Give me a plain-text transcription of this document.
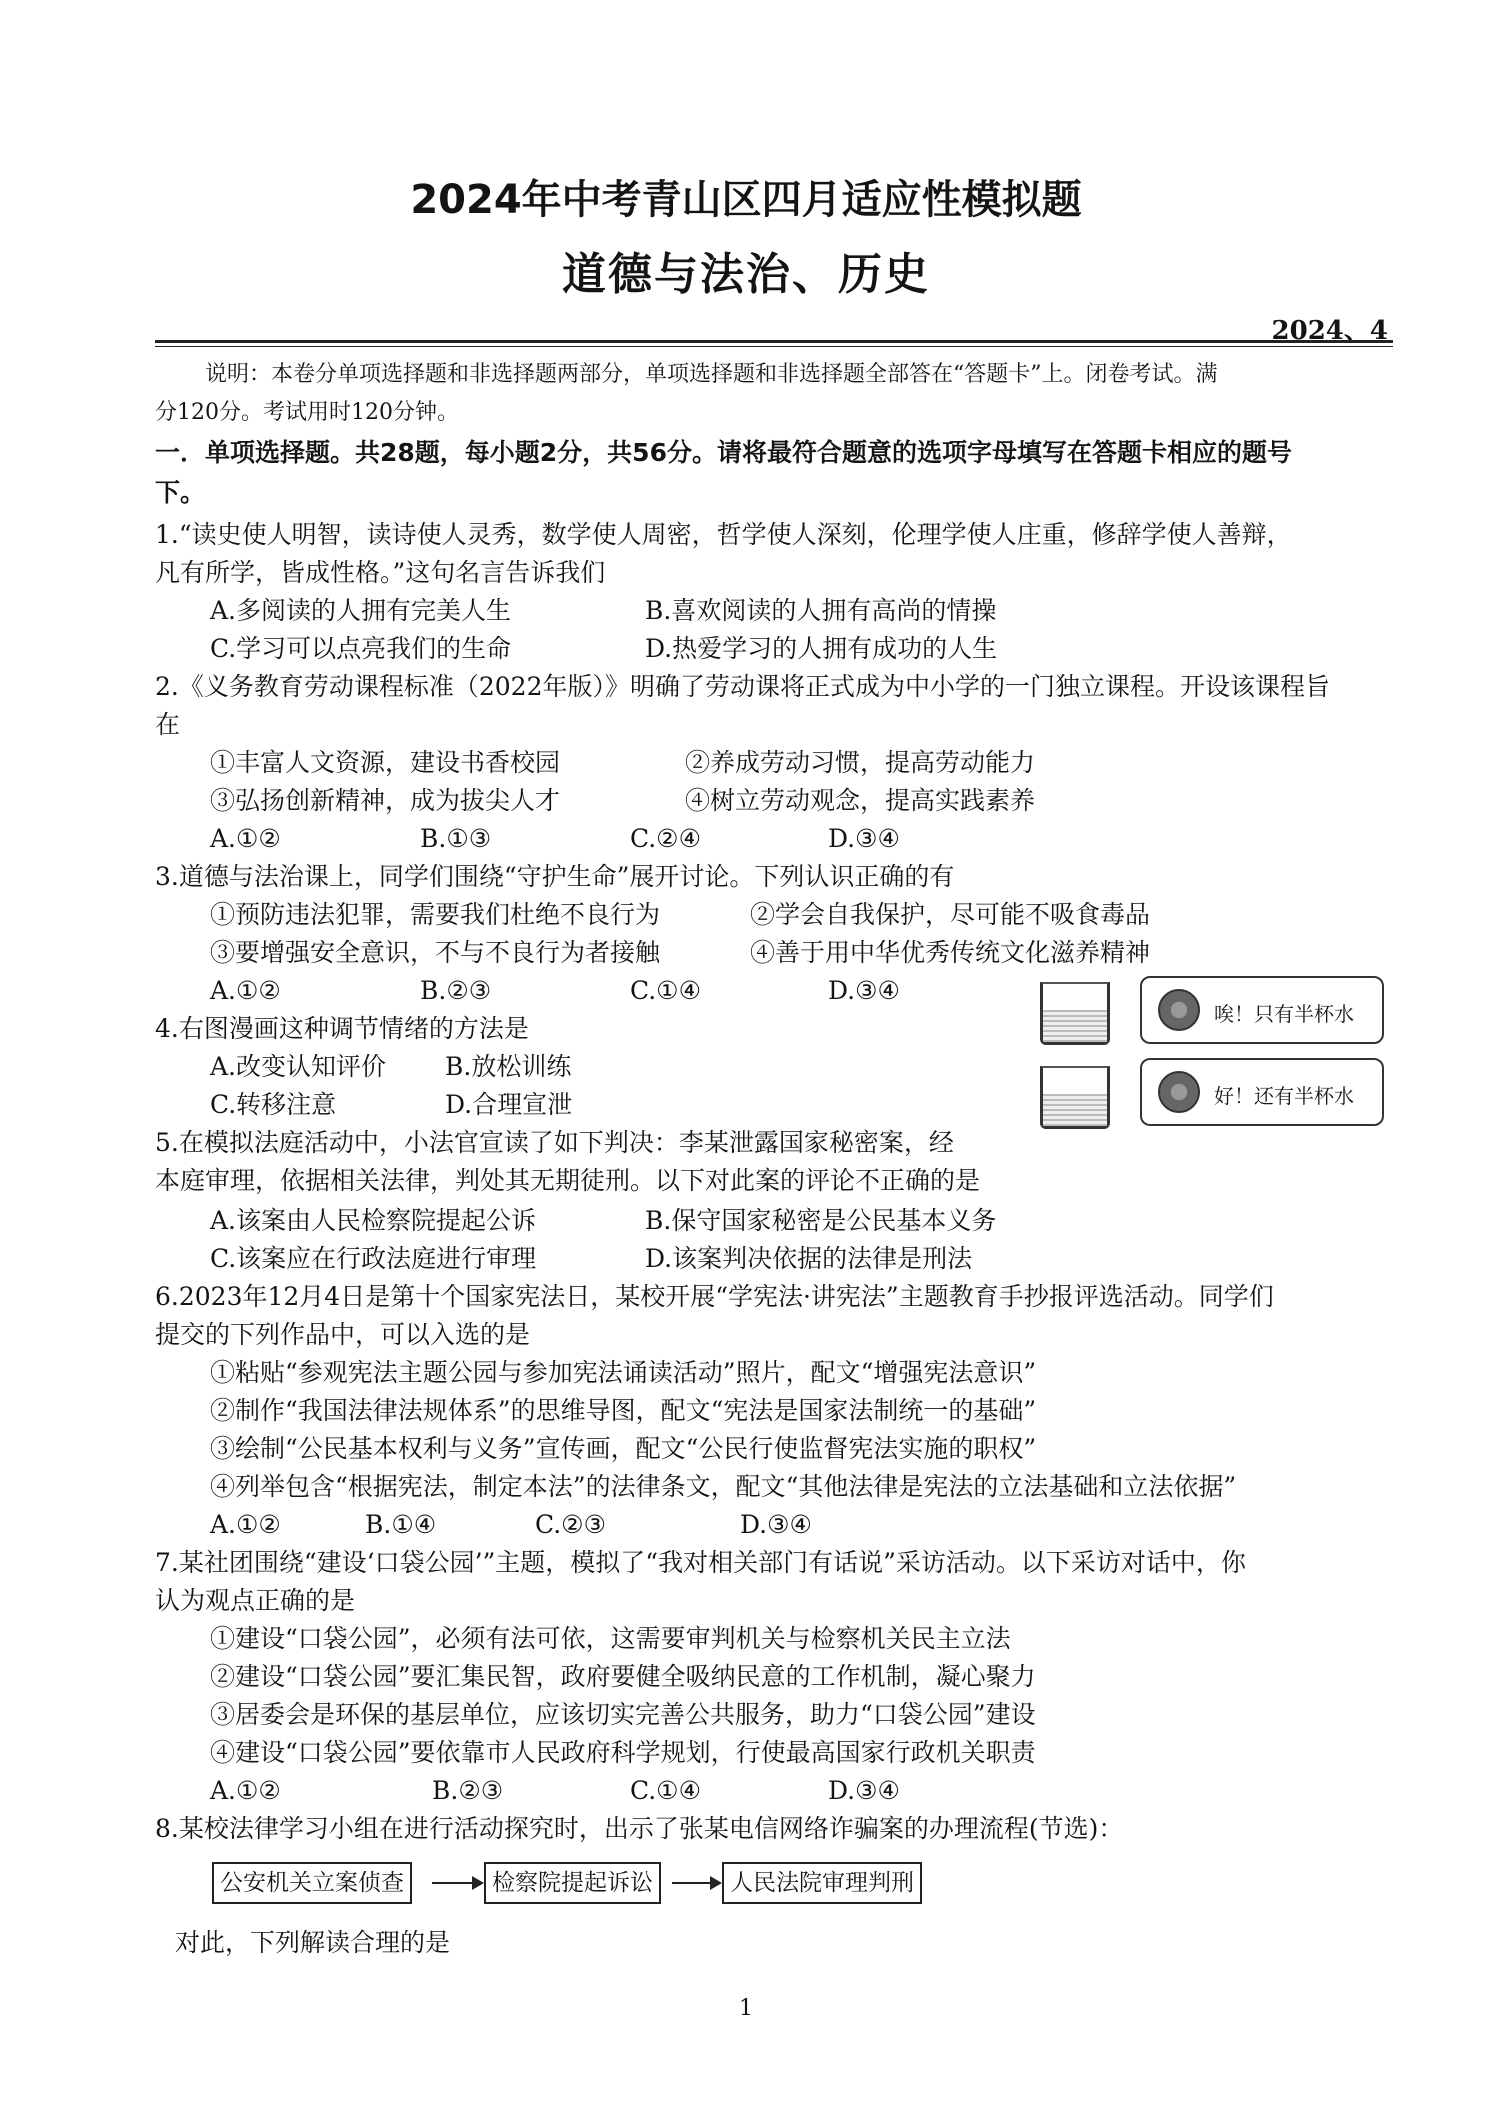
2024年中考青山区四月适应性模拟题
道德与法治、历史
2024、4
说明：本卷分单项选择题和非选择题两部分，单项选择题和非选择题全部答在“答题卡”上。闭卷考试。满
分120分。考试用时120分钟。
一．单项选择题。共28题，每小题2分，共56分。请将最符合题意的选项字母填写在答题卡相应的题号
下。
1.“读史使人明智，读诗使人灵秀，数学使人周密，哲学使人深刻，伦理学使人庄重，修辞学使人善辩，
凡有所学，皆成性格。”这句名言告诉我们
A.多阅读的人拥有完美人生	B.喜欢阅读的人拥有高尚的情操
C.学习可以点亮我们的生命	D.热爱学习的人拥有成功的人生
2.《义务教育劳动课程标准（2022年版）》明确了劳动课将正式成为中小学的一门独立课程。开设该课程旨
在
①丰富人文资源，建设书香校园	②养成劳动习惯，提高劳动能力
③弘扬创新精神，成为拔尖人才	④树立劳动观念，提高实践素养
A.①②	B.①③	C.②④	D.③④
3.道德与法治课上，同学们围绕“守护生命”展开讨论。下列认识正确的有
①预防违法犯罪，需要我们杜绝不良行为	②学会自我保护，尽可能不吸食毒品
③要增强安全意识，不与不良行为者接触	④善于用中华优秀传统文化滋养精神
A.①②	B.②③	C.①④	D.③④
4.右图漫画这种调节情绪的方法是
A.改变认知评价 B.放松训练
C.转移注意	D.合理宣泄
唉！只有半杯水
好！还有半杯水
5.在模拟法庭活动中，小法官宣读了如下判决：李某泄露国家秘密案，经
本庭审理，依据相关法律，判处其无期徒刑。以下对此案的评论不正确的是
A.该案由人民检察院提起公诉	B.保守国家秘密是公民基本义务
C.该案应在行政法庭进行审理	D.该案判决依据的法律是刑法
6.2023年12月4日是第十个国家宪法日，某校开展“学宪法·讲宪法”主题教育手抄报评选活动。同学们
提交的下列作品中，可以入选的是
①粘贴“参观宪法主题公园与参加宪法诵读活动”照片，配文“增强宪法意识”
②制作“我国法律法规体系”的思维导图，配文“宪法是国家法制统一的基础”
③绘制“公民基本权利与义务”宣传画，配文“公民行使监督宪法实施的职权”
④列举包含“根据宪法，制定本法”的法律条文，配文“其他法律是宪法的立法基础和立法依据”
A.①②	B.①④	C.②③	D.③④
7.某社团围绕“建设‘口袋公园’”主题，模拟了“我对相关部门有话说”采访活动。以下采访对话中，你
认为观点正确的是
①建设“口袋公园”，必须有法可依，这需要审判机关与检察机关民主立法
②建设“口袋公园”要汇集民智，政府要健全吸纳民意的工作机制，凝心聚力
③居委会是环保的基层单位，应该切实完善公共服务，助力“口袋公园”建设
④建设“口袋公园”要依靠市人民政府科学规划，行使最高国家行政机关职责
A.①②	B.②③	C.①④	D.③④
8.某校法律学习小组在进行活动探究时，出示了张某电信网络诈骗案的办理流程(节选)：
公安机关立案侦查	检察院提起诉讼	人民法院审理判刑
对此，下列解读合理的是
1
